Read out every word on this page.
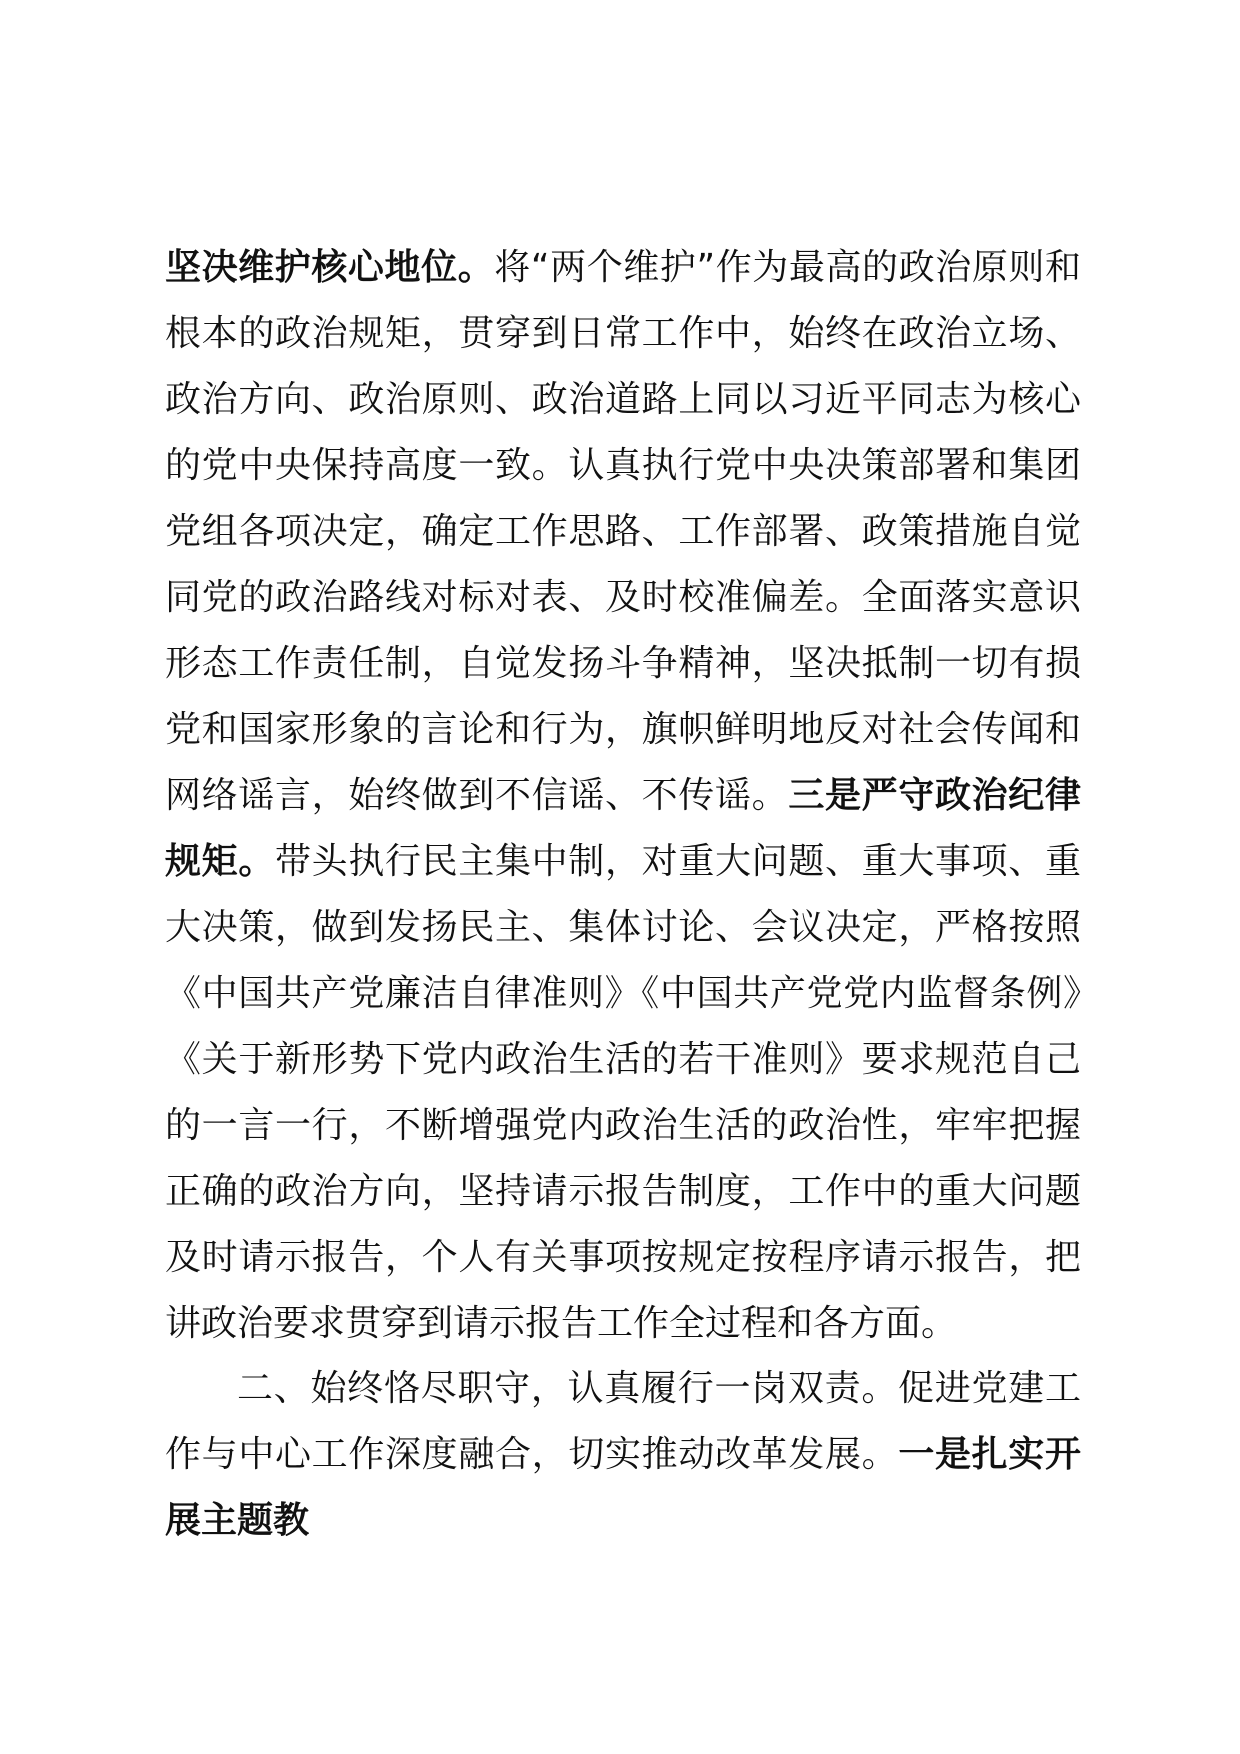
坚决维护核心地位。将“两个维护”作为最高的政治原则和根本的政治规矩，贯穿到日常工作中，始终在政治立场、政治方向、政治原则、政治道路上同以习近平同志为核心的党中央保持高度一致。认真执行党中央决策部署和集团党组各项决定，确定工作思路、工作部署、政策措施自觉同党的政治路线对标对表、及时校准偏差。全面落实意识形态工作责任制，自觉发扬斗争精神，坚决抵制一切有损党和国家形象的言论和行为，旗帜鲜明地反对社会传闻和网络谣言，始终做到不信谣、不传谣。三是严守政治纪律规矩。带头执行民主集中制，对重大问题、重大事项、重大决策，做到发扬民主、集体讨论、会议决定，严格按照《中国共产党廉洁自律准则》《中国共产党党内监督条例》《关于新形势下党内政治生活的若干准则》要求规范自己的一言一行，不断增强党内政治生活的政治性，牢牢把握正确的政治方向，坚持请示报告制度，工作中的重大问题及时请示报告，个人有关事项按规定按程序请示报告，把讲政治要求贯穿到请示报告工作全过程和各方面。

二、始终恪尽职守，认真履行一岗双责。促进党建工作与中心工作深度融合，切实推动改革发展。一是扎实开展主题教
